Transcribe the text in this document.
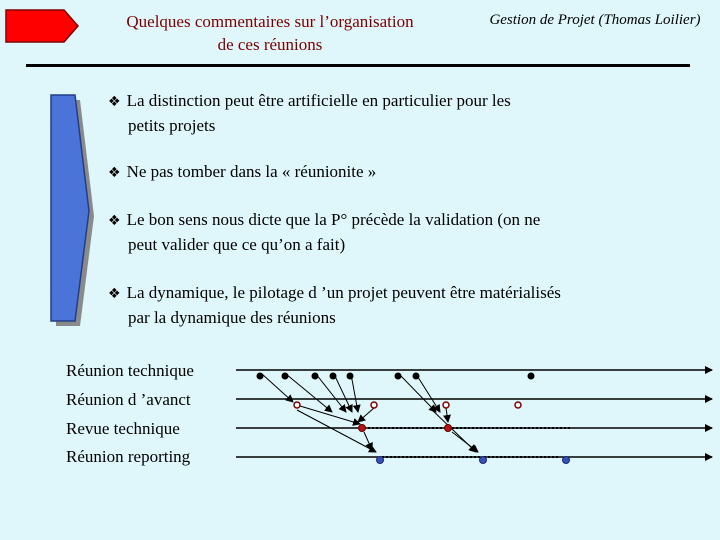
Quelques commentaires sur l’organisation
de ces réunions
Gestion de Projet (Thomas Loilier)
❖ La distinction peut être artificielle en particulier pour les
petits projets
❖ Ne pas tomber dans la « réunionite »
❖ Le bon sens nous dicte que la P° précède la validation (on ne
peut valider que ce qu’on a fait)
❖ La dynamique, le pilotage d ’un projet peuvent être matérialisés
par la dynamique des réunions
Réunion technique
Réunion d ’avanct
Revue technique
Réunion reporting
